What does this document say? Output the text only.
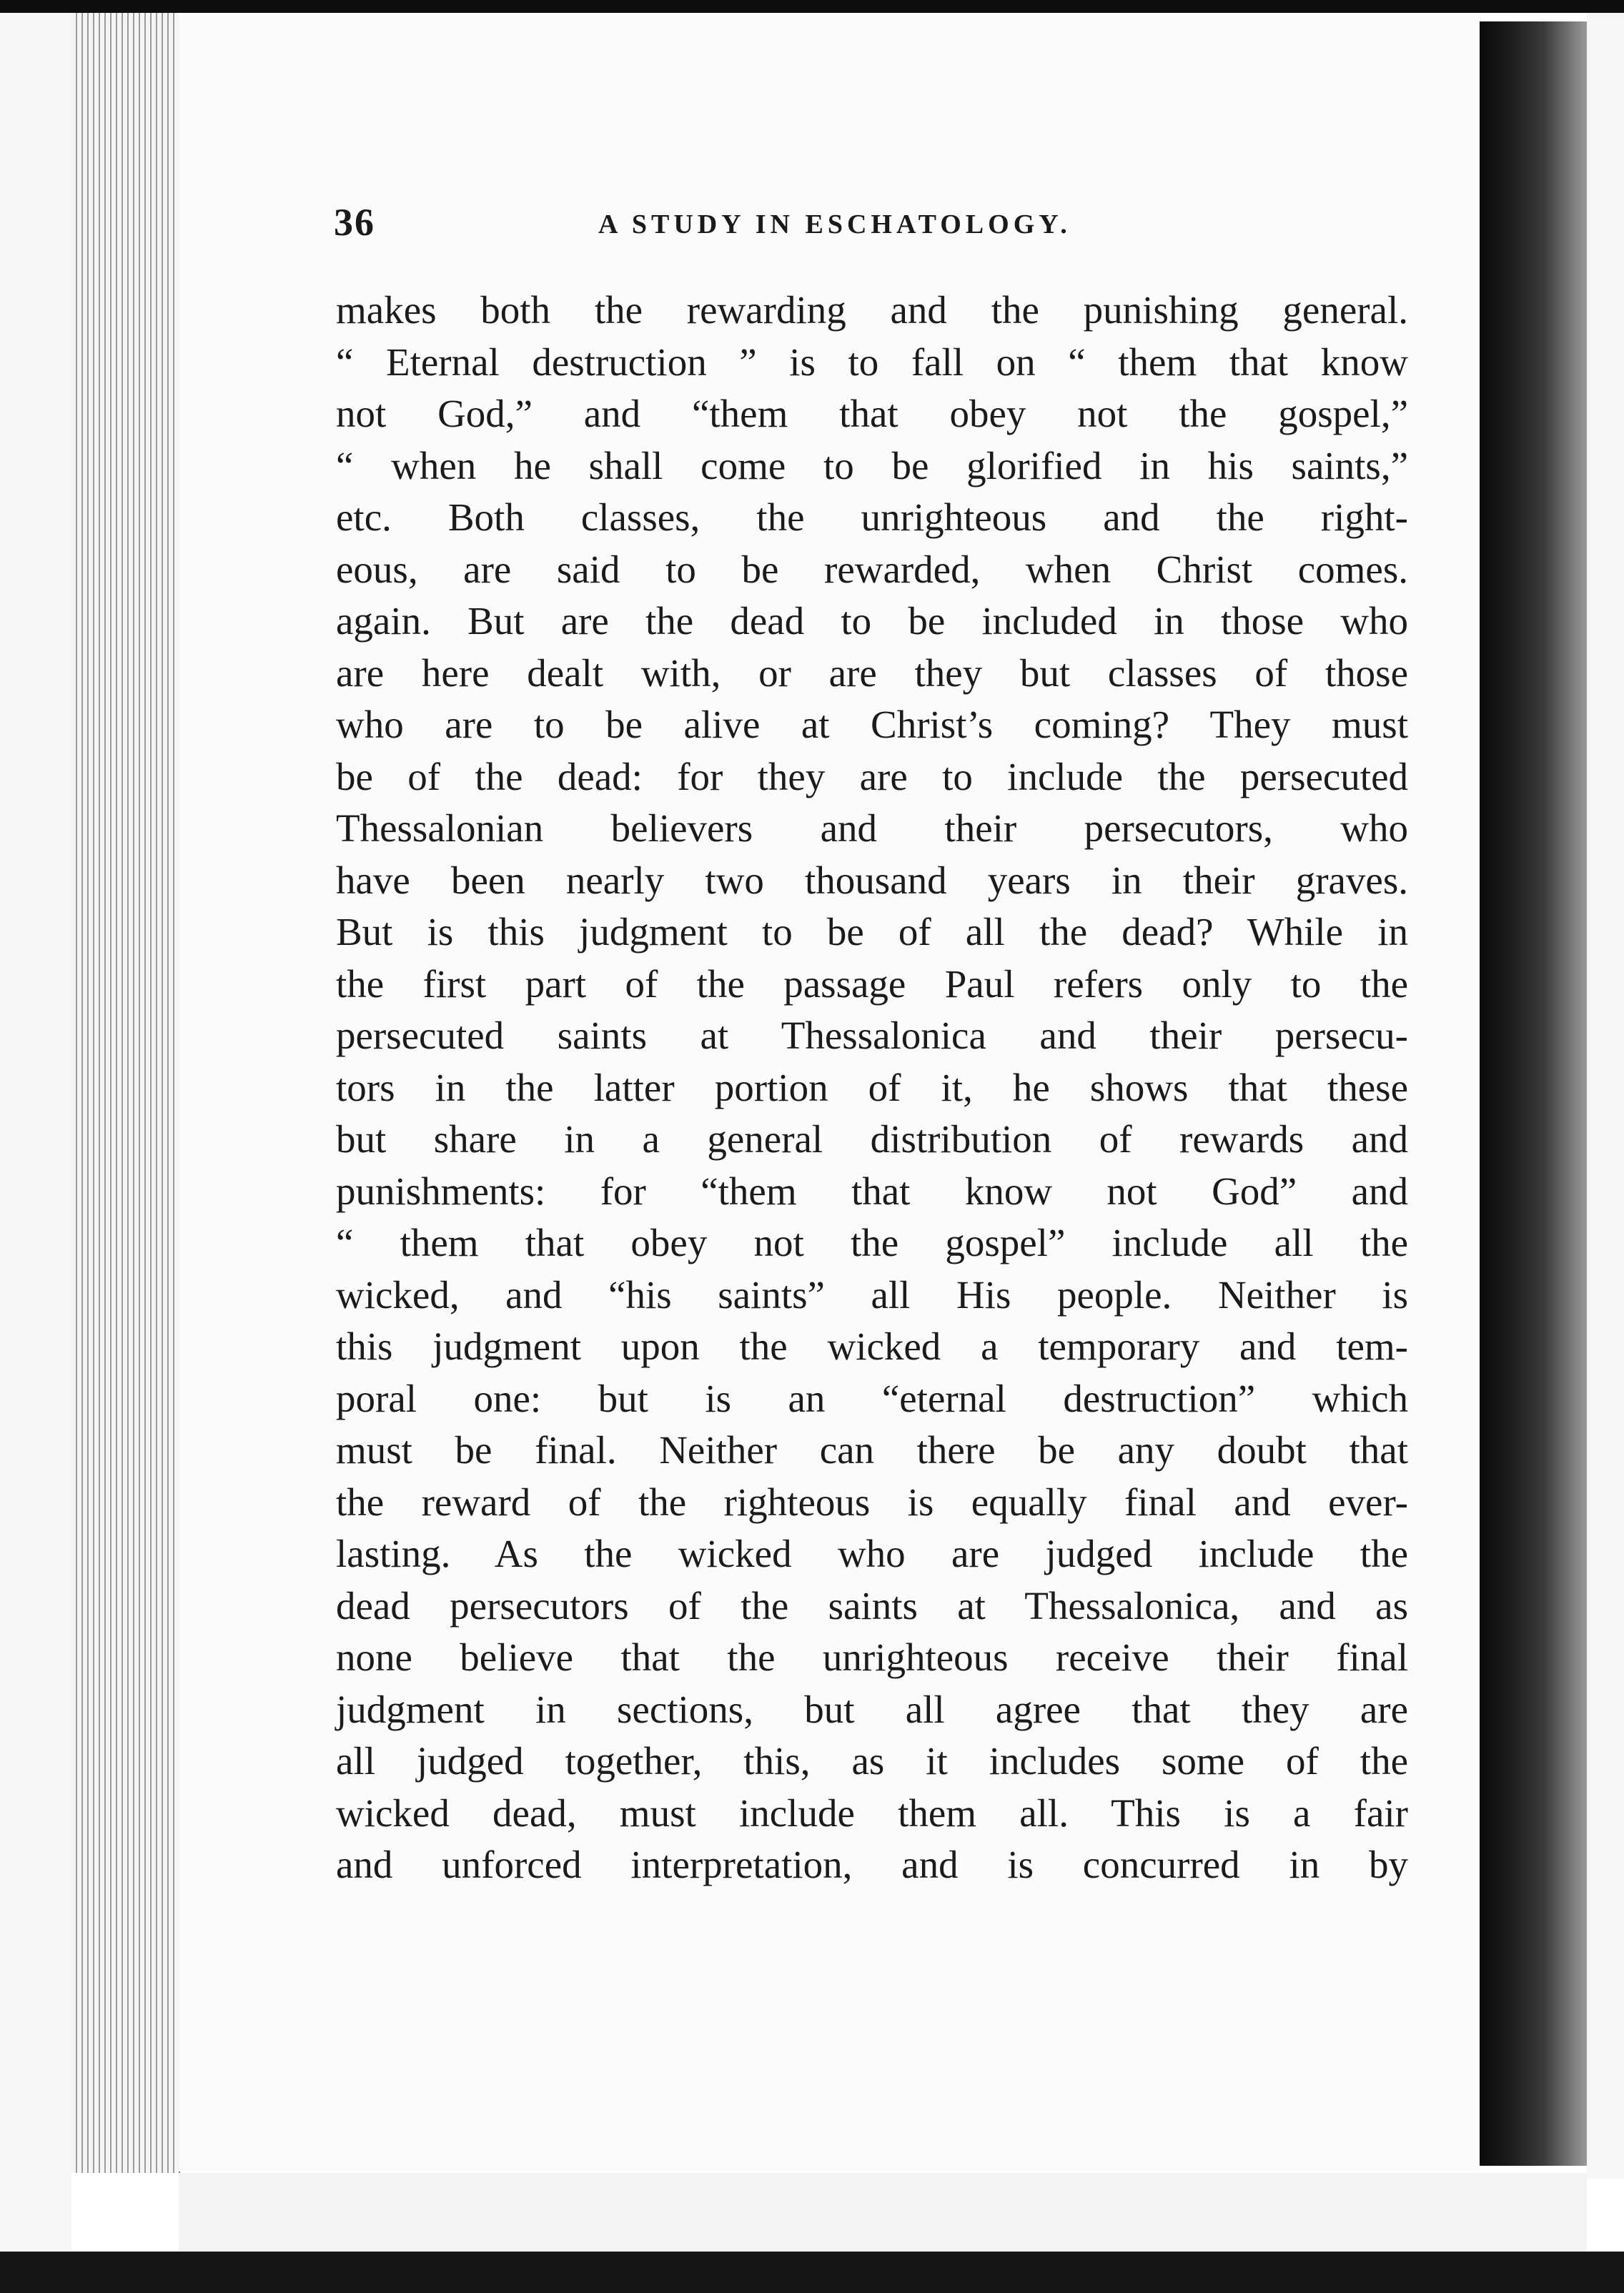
36	A STUDY IN ESCHATOLOGY.
makes both the rewarding and the punishing general.
“ Eternal destruction ” is to fall on “ them that know
not God,” and “them that obey not the gospel,”
“ when he shall come to be glorified in his saints,”
etc. Both classes, the unrighteous and the right-
eous, are said to be rewarded, when Christ comes.
again. But are the dead to be included in those who
are here dealt with, or are they but classes of those
who are to be alive at Christ’s coming? They must
be of the dead: for they are to include the persecuted
Thessalonian believers and their persecutors, who
have been nearly two thousand years in their graves.
But is this judgment to be of all the dead? While in
the first part of the passage Paul refers only to the
persecuted saints at Thessalonica and their persecu-
tors in the latter portion of it, he shows that these
but share in a general distribution of rewards and
punishments: for “them that know not God” and
“ them that obey not the gospel” include all the
wicked, and “his saints” all His people. Neither is
this judgment upon the wicked a temporary and tem-
poral one: but is an “eternal destruction” which
must be final. Neither can there be any doubt that
the reward of the righteous is equally final and ever-
lasting. As the wicked who are judged include the
dead persecutors of the saints at Thessalonica, and as
none believe that the unrighteous receive their final
judgment in sections, but all agree that they are
all judged together, this, as it includes some of the
wicked dead, must include them all. This is a fair
and unforced interpretation, and is concurred in by
